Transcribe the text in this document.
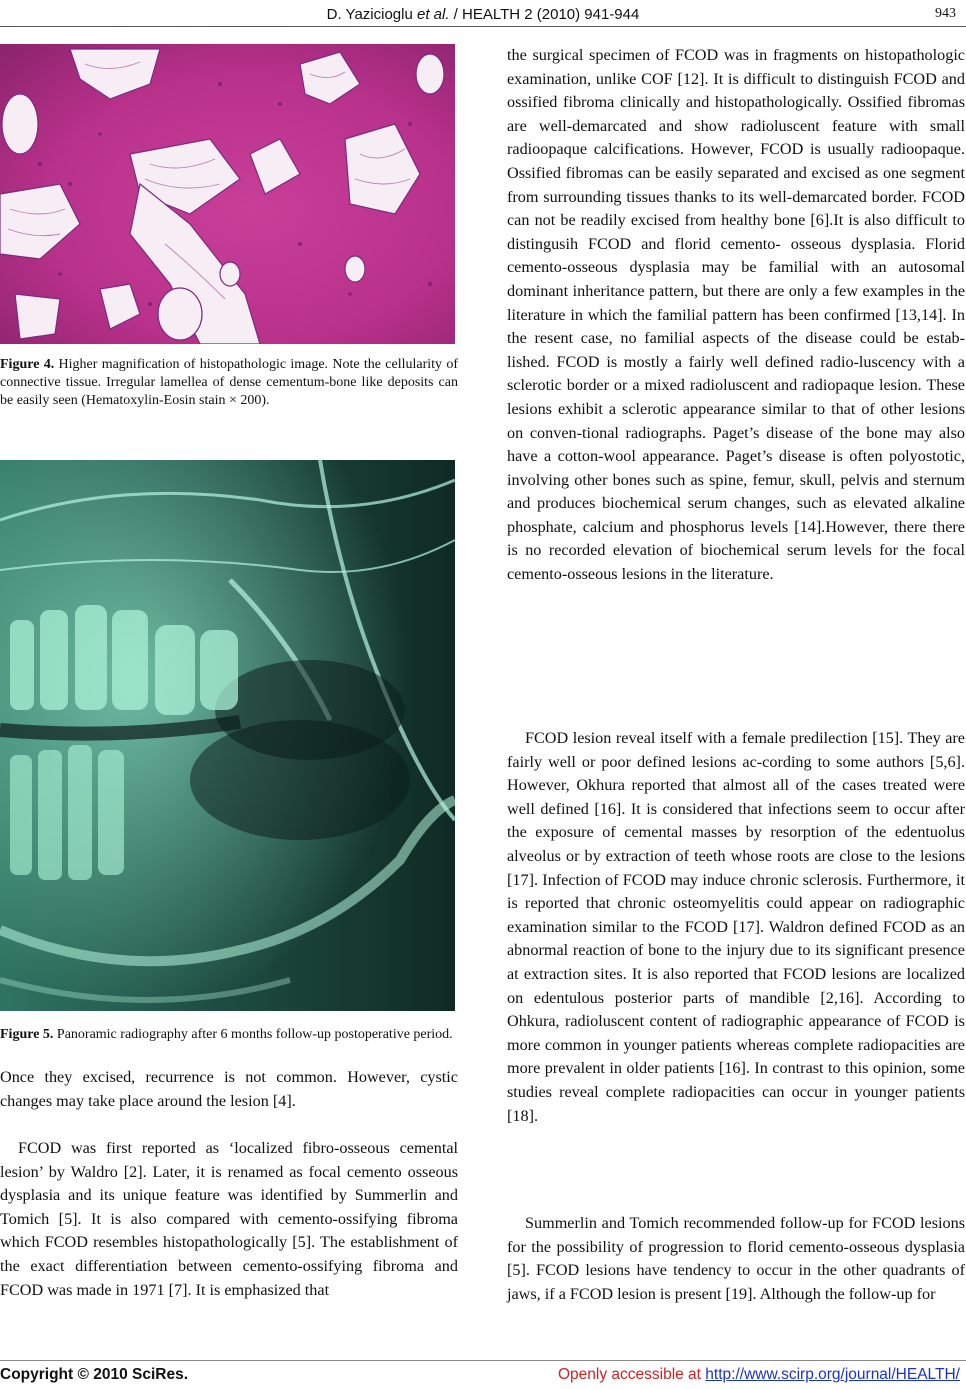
D. Yazicioglu et al. / HEALTH 2 (2010) 941-944	943
Figure 4. Higher magnification of histopathologic image. Note the cellularity of connective tissue. Irregular lamellea of dense cementum-bone like deposits can be easily seen (Hematoxylin-Eosin stain × 200).
Figure 5. Panoramic radiography after 6 months follow-up postoperative period.

Once they excised, recurrence is not common. However, cystic changes may take place around the lesion [4].

FCOD was first reported as ‘localized fibro-osseous cemental lesion’ by Waldro [2]. Later, it is renamed as focal cemento osseous dysplasia and its unique feature was identified by Summerlin and Tomich [5]. It is also compared with cemento-ossifying fibroma which FCOD resembles histopathologically [5]. The establishment of the exact differentiation between cemento-ossifying fibroma and FCOD was made in 1971 [7]. It is emphasized that

the surgical specimen of FCOD was in fragments on histopathologic examination, unlike COF [12]. It is difficult to distinguish FCOD and ossified fibroma clinically and histopathologically. Ossified fibromas are well-demarcated and show radioluscent feature with small radioopaque calcifications. However, FCOD is usually radioopaque. Ossified fibromas can be easily separated and excised as one segment from surrounding tissues thanks to its well-demarcated border. FCOD can not be readily excised from healthy bone [6].It is also difficult to distingusih FCOD and florid cemento- osseous dysplasia. Florid cemento-osseous dysplasia may be familial with an autosomal dominant inheritance pattern, but there are only a few examples in the literature in which the familial pattern has been confirmed [13,14]. In the resent case, no familial aspects of the disease could be estab-lished. FCOD is mostly a fairly well defined radio-luscency with a sclerotic border or a mixed radioluscent and radiopaque lesion. These lesions exhibit a sclerotic appearance similar to that of other lesions on conven-tional radiographs. Paget’s disease of the bone may also have a cotton-wool appearance. Paget’s disease is often polyostotic, involving other bones such as spine, femur, skull, pelvis and sternum and produces biochemical serum changes, such as elevated alkaline phosphate, calcium and phosphorus levels [14].However, there there is no recorded elevation of biochemical serum levels for the focal cemento-osseous lesions in the literature.

FCOD lesion reveal itself with a female predilection [15]. They are fairly well or poor defined lesions ac-cording to some authors [5,6]. However, Okhura reported that almost all of the cases treated were well defined [16]. It is considered that infections seem to occur after the exposure of cemental masses by resorption of the edentuolus alveolus or by extraction of teeth whose roots are close to the lesions [17]. Infection of FCOD may induce chronic sclerosis. Furthermore, it is reported that chronic osteomyelitis could appear on radiographic examination similar to the FCOD [17]. Waldron defined FCOD as an abnormal reaction of bone to the injury due to its significant presence at extraction sites. It is also reported that FCOD lesions are localized on edentulous posterior parts of mandible [2,16]. According to Ohkura, radioluscent content of radiographic appearance of FCOD is more common in younger patients whereas complete radiopacities are more prevalent in older patients [16]. In contrast to this opinion, some studies reveal complete radiopacities can occur in younger patients [18].

Summerlin and Tomich recommended follow-up for FCOD lesions for the possibility of progression to florid cemento-osseous dysplasia [5]. FCOD lesions have tendency to occur in the other quadrants of jaws, if a FCOD lesion is present [19]. Although the follow-up for

Copyright © 2010 SciRes.	Openly accessible at http://www.scirp.org/journal/HEALTH/
